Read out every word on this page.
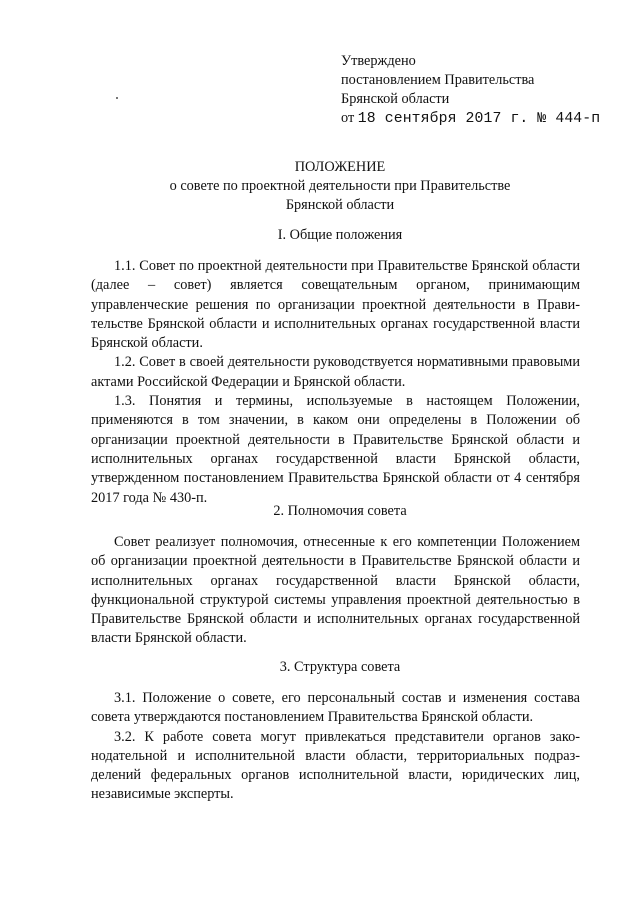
Утверждено
постановлением Правительства
Брянской области
от 18 сентября 2017 г. № 444-п
ПОЛОЖЕНИЕ
о совете по проектной деятельности при Правительстве
Брянской области
I. Общие положения

1.1. Совет по проектной деятельности при Правительстве Брянской области (далее – совет) является совещательным органом, принимающим управленческие решения по организации проектной деятельности в Правительстве Брянской области и исполнительных органах государственной власти Брянской области.

1.2. Совет в своей деятельности руководствуется нормативными правовыми актами Российской Федерации и Брянской области.

1.3. Понятия и термины, используемые в настоящем Положении, применяются в том значении, в каком они определены в Положении об организации проектной деятельности в Правительстве Брянской области и исполнительных органах государственной власти Брянской области, утвержденном постановлением Правительства Брянской области от 4 сентября 2017 года № 430-п.

2. Полномочия совета

Совет реализует полномочия, отнесенные к его компетенции Положением об организации проектной деятельности в Правительстве Брянской области и исполнительных органах государственной власти Брянской области, функциональной структурой системы управления проектной деятельностью в Правительстве Брянской области и исполнительных органах государственной власти Брянской области.

3. Структура совета

3.1. Положение о совете, его персональный состав и изменения состава совета утверждаются постановлением Правительства Брянской области.

3.2. К работе совета могут привлекаться представители органов законодательной и исполнительной власти области, территориальных подразделений федеральных органов исполнительной власти, юридических лиц, независимые эксперты.
